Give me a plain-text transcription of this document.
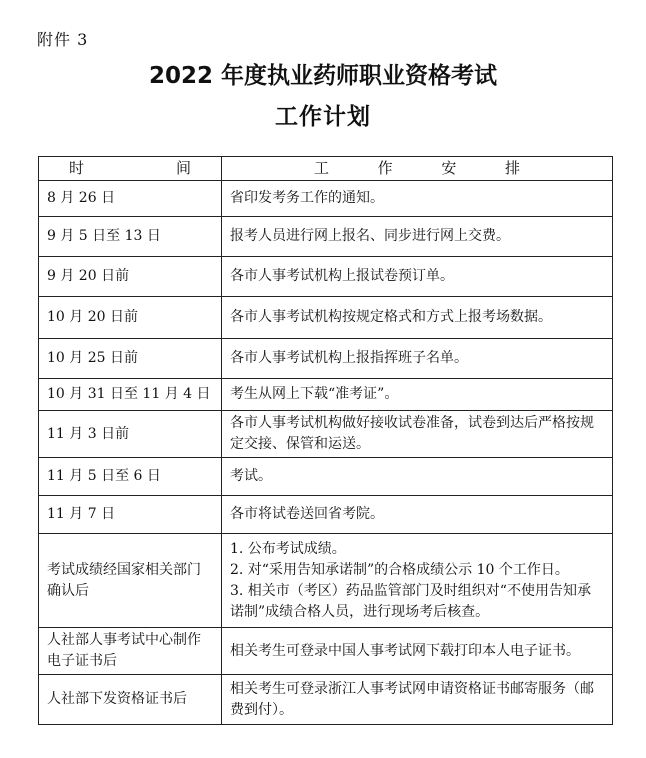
附件 3
2022 年度执业药师职业资格考试
工作计划
时　　　间	工　作　安　排
8 月 26 日	省印发考务工作的通知。

9 月 5 日至 13 日	报考人员进行网上报名、同步进行网上交费。

9 月 20 日前	各市人事考试机构上报试卷预订单。

10 月 20 日前	各市人事考试机构按规定格式和方式上报考场数据。

10 月 25 日前	各市人事考试机构上报指挥班子名单。

10 月 31 日至 11 月 4 日	考生从网上下载“准考证”。

11 月 3 日前	各市人事考试机构做好接收试卷准备，试卷到达后严格按规定交接、保管和运送。

11 月 5 日至 6 日	考试。

11 月 7 日	各市将试卷送回省考院。

考试成绩经国家相关部门确认后	1. 公布考试成绩。
2. 对“采用告知承诺制”的合格成绩公示 10 个工作日。
3. 相关市（考区）药品监管部门及时组织对“不使用告知承诺制”成绩合格人员，进行现场考后核查。

人社部人事考试中心制作电子证书后	相关考生可登录中国人事考试网下载打印本人电子证书。

人社部下发资格证书后	相关考生可登录浙江人事考试网申请资格证书邮寄服务（邮费到付）。
